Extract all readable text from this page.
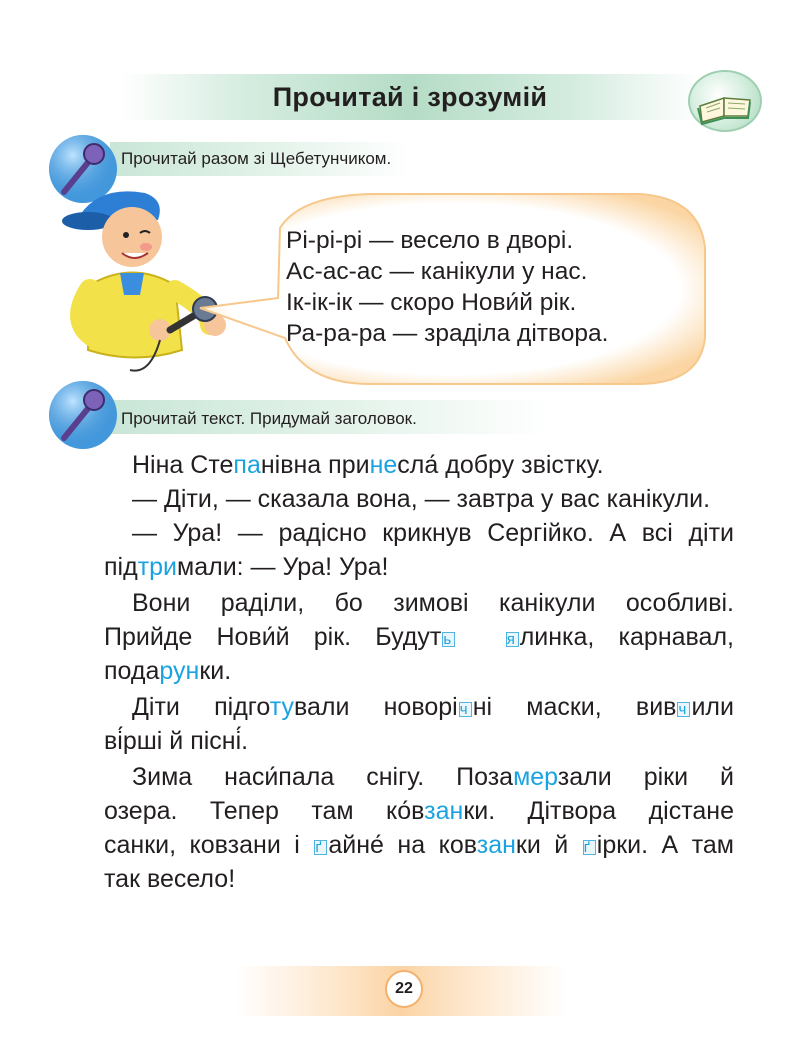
Прочитай і зрозумій
Прочитай разом зі Щебетунчиком.
Рі-рі-рі — весело в дворі.
Ас-ас-ас — канікули у нас.
Ік-ік-ік — скоро Нови́й рік.
Ра-ра-ра — зраділа дітвора.
Прочитай текст. Придумай заголовок.
Ніна Степанівна принесла́ добру звістку.
— Діти, — сказала вона, — завтра у вас канікули.
— Ура! — радісно крикнув Сергійко. А всі діти
підтримали: — Ура! Ура!
Вони раділи, бо зимові канікули особливі.
Прийде Нови́й рік. Будут ь	я линка, карнавал,
подарунки.
Діти підготували новорі ч ні маски, вив ч или
ві́рші й пісні́.
Зима наси́пала снігу. Позамерзали ріки й
озера. Тепер там ко́взанки. Дітвора дістане
санки, ковзани і ґ айне́ на ковзанки й ґ ірки. А там
так весело!
22
